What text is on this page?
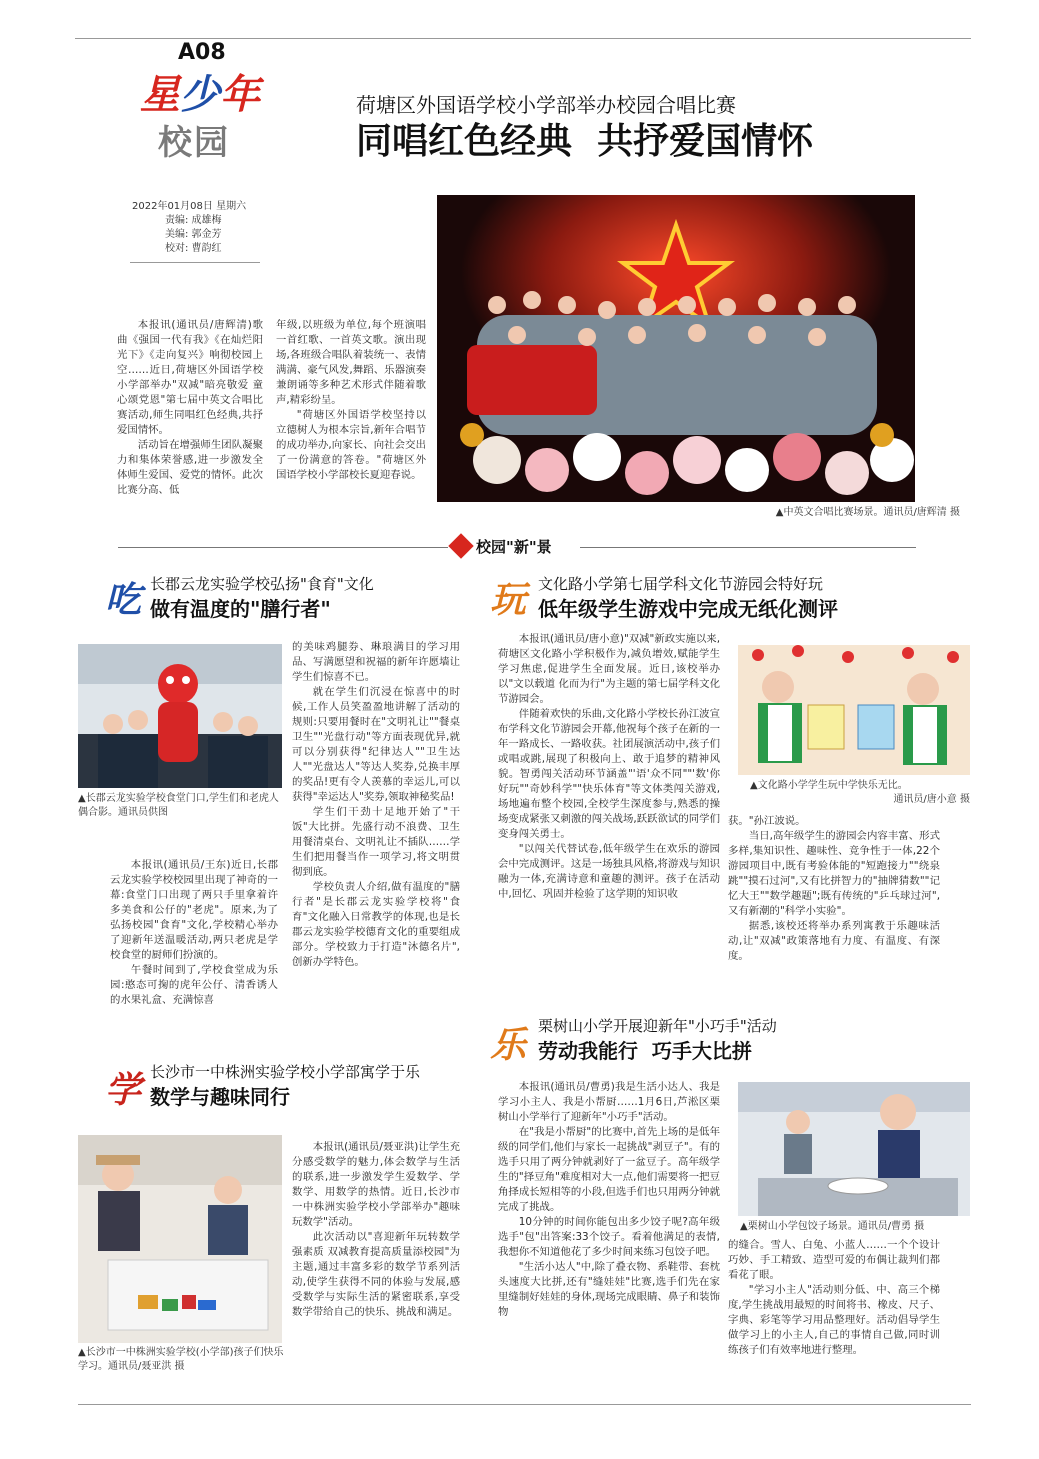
A08
星少年
校园
2022年01月08日 星期六
责编: 成雄梅
美编: 郭金芳
校对: 曹韵红
荷塘区外国语学校小学部举办校园合唱比赛
同唱红色经典  共抒爱国情怀
▲中英文合唱比赛场景。通讯员/唐辉清 摄

本报讯(通讯员/唐辉清)歌曲《强国一代有我》《在灿烂阳光下》《走向复兴》响彻校园上空……近日,荷塘区外国语学校小学部举办"双减"暗亮敬爱 童心颂党恩"第七届中英文合唱比赛活动,师生同唱红色经典,共抒爱国情怀。

活动旨在增强师生团队凝聚力和集体荣誉感,进一步激发全体师生爱国、爱党的情怀。此次比赛分高、低

年级,以班级为单位,每个班演唱一首红歌、一首英文歌。演出现场,各班级合唱队着装统一、表情满满、豪气风发,舞蹈、乐器演奏兼朗诵等多种艺术形式伴随着歌声,精彩纷呈。

"荷塘区外国语学校坚持以立德树人为根本宗旨,新年合唱节的成功举办,向家长、向社会交出了一份满意的答卷。"荷塘区外国语学校小学部校长夏迎春说。

校园"新"景
吃 长郡云龙实验学校弘扬"食育"文化
做有温度的"膳行者"
▲长郡云龙实验学校食堂门口,学生们和老虎人偶合影。通讯员供图

本报讯(通讯员/王东)近日,长郡云龙实验学校校园里出现了神奇的一幕:食堂门口出现了两只手里拿着许多美食和公仔的"老虎"。原来,为了弘扬校园"食育"文化,学校精心举办了迎新年送温暖活动,两只老虎是学校食堂的厨师们扮演的。

午餐时间到了,学校食堂成为乐园:憨态可掬的虎年公仔、清香诱人的水果礼盒、充满惊喜

的美味鸡腿券、琳琅满目的学习用品、写满愿望和祝福的新年许愿墙让学生们惊喜不已。

就在学生们沉浸在惊喜中的时候,工作人员笑盈盈地讲解了活动的规则:只要用餐时在"文明礼让""餐桌卫生""光盘行动"等方面表现优异,就可以分别获得"纪律达人""卫生达人""光盘达人"等达人奖券,兑换丰厚的奖品!更有令人羡慕的幸运儿,可以获得"幸运达人"奖券,领取神秘奖品!

学生们干劲十足地开始了"干饭"大比拼。先盛行动不浪费、卫生用餐清桌台、文明礼让不插队……学生们把用餐当作一项学习,将文明贯彻到底。

学校负责人介绍,做有温度的"膳行者"是长郡云龙实验学校将"食育"文化融入日常教学的体现,也是长郡云龙实验学校德育文化的重要组成部分。学校致力于打造"沐德名片",创新办学特色。

学 长沙市一中株洲实验学校小学部寓学于乐
数学与趣味同行
▲长沙市一中株洲实验学校(小学部)孩子们快乐学习。通讯员/聂亚洪 摄

本报讯(通讯员/聂亚洪)让学生充分感受数学的魅力,体会数学与生活的联系,进一步激发学生爱数学、学数学、用数学的热情。近日,长沙市一中株洲实验学校小学部举办"趣味玩数学"活动。

此次活动以"喜迎新年玩转数学强素质 双减教育提高质量添校园"为主题,通过丰富多彩的数学节系列活动,使学生获得不同的体验与发展,感受数学与实际生活的紧密联系,享受数学带给自己的快乐、挑战和满足。

玩 文化路小学第七届学科文化节游园会特好玩
低年级学生游戏中完成无纸化测评

本报讯(通讯员/唐小意)"双减"新政实施以来,荷塘区文化路小学积极作为,减负增效,赋能学生学习焦虑,促进学生全面发展。近日,该校举办以"文以载道 化而为行"为主题的第七届学科文化节游园会。

伴随着欢快的乐曲,文化路小学校长孙江波宣布学科文化节游园会开幕,他祝每个孩子在新的一年一路成长、一路收获。社团展演活动中,孩子们或唱或跳,展现了积极向上、敢于追梦的精神风貌。智勇闯关活动环节涵盖"'语'众不同""'数'你好玩""奇妙科学""快乐体育"等文体类闯关游戏,场地遍布整个校园,全校学生深度参与,熟悉的操场变成紧张又刺激的闯关战场,跃跃欲试的同学们变身闯关勇士。

"以闯关代替试卷,低年级学生在欢乐的游园会中完成测评。这是一场独具风格,将游戏与知识融为一体,充满诗意和童趣的测评。孩子在活动中,回忆、巩固并检验了这学期的知识收

▲文化路小学学生玩中学快乐无比。
通讯员/唐小意 摄

获。"孙江波说。

当日,高年级学生的游园会内容丰富、形式多样,集知识性、趣味性、竞争性于一体,22个游园项目中,既有考验体能的"短跑接力""绕泉跳""摸石过河",又有比拼智力的"抽牌猜数""记忆大王""数学趣题";既有传统的"乒乓球过河",又有新潮的"科学小实验"。

据悉,该校还将举办系列寓教于乐趣味活动,让"双减"政策落地有力度、有温度、有深度。

乐 栗树山小学开展迎新年"小巧手"活动
劳动我能行  巧手大比拼

本报讯(通讯员/曹勇)我是生活小达人、我是学习小主人、我是小帮厨……1月6日,芦淞区栗树山小学举行了迎新年"小巧手"活动。

在"我是小帮厨"的比赛中,首先上场的是低年级的同学们,他们与家长一起挑战"剥豆子"。有的选手只用了两分钟就剥好了一盆豆子。高年级学生的"择豆角"难度相对大一点,他们需要将一把豆角择成长短相等的小段,但选手们也只用两分钟就完成了挑战。

10分钟的时间你能包出多少饺子呢?高年级选手"包"出答案:33个饺子。看着他满足的表情,我想你不知道他花了多少时间来练习包饺子吧。

"生活小达人"中,除了叠衣物、系鞋带、套枕头速度大比拼,还有"缝娃娃"比赛,选手们先在家里缝制好娃娃的身体,现场完成眼睛、鼻子和装饰物

▲栗树山小学包饺子场景。通讯员/曹勇 摄

的缝合。雪人、白兔、小蓝人……一个个设计巧妙、手工精致、造型可爱的布偶让裁判们都看花了眼。

"学习小主人"活动则分低、中、高三个梯度,学生挑战用最短的时间将书、橡皮、尺子、字典、彩笔等学习用品整理好。活动倡导学生做学习上的小主人,自己的事情自己做,同时训练孩子们有效率地进行整理。
